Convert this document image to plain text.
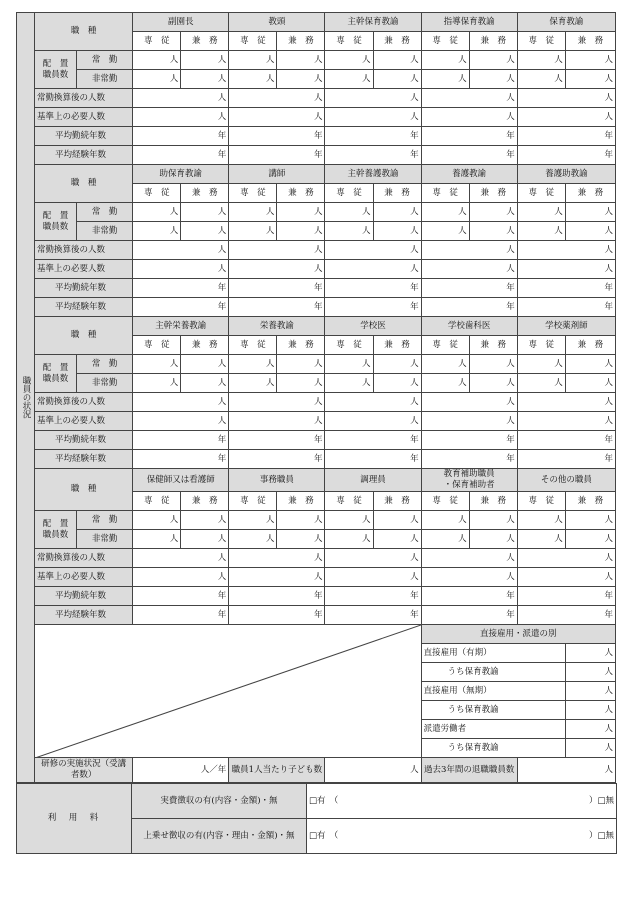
職員の状況	職　種		副園長		教頭		主幹保育教諭		指導保育教諭		保育教諭	
			専　従	兼　務	専　従	兼　務	専　従	兼　務	専　従	兼　務	専　従	兼　務

	配　置
職員数	常　勤	人	人	人	人	人	人	人	人	人	人
		非常勤	人	人	人	人	人	人	人	人	人	人
	常勤換算後の人数		人		人		人		人		人	
	基準上の必要人数		人		人		人		人		人	
	平均勤続年数		年		年		年		年		年	
	平均経験年数		年		年		年		年		年	
	職　種		助保育教諭		講師		主幹養護教諭		養護教諭		養護助教諭	
			専　従	兼　務	専　従	兼　務	専　従	兼　務	専　従	兼　務	専　従	兼　務

	配　置
職員数	常　勤	人	人	人	人	人	人	人	人	人	人
		非常勤	人	人	人	人	人	人	人	人	人	人
	常勤換算後の人数		人		人		人		人		人	
	基準上の必要人数		人		人		人		人		人	
	平均勤続年数		年		年		年		年		年	
	平均経験年数		年		年		年		年		年	
	職　種		主幹栄養教諭		栄養教諭		学校医		学校歯科医		学校薬剤師	
			専　従	兼　務	専　従	兼　務	専　従	兼　務	専　従	兼　務	専　従	兼　務

	配　置
職員数	常　勤	人	人	人	人	人	人	人	人	人	人
		非常勤	人	人	人	人	人	人	人	人	人	人
	常勤換算後の人数		人		人		人		人		人	
	基準上の必要人数		人		人		人		人		人	
	平均勤続年数		年		年		年		年		年	
	平均経験年数		年		年		年		年		年	
	職　種		保健師又は看護師		事務職員		調理員		教育補助職員
・保育補助者		その他の職員	
			専　従	兼　務	専　従	兼　務	専　従	兼　務	専　従	兼　務	専　従	兼　務

	配　置
職員数	常　勤	人	人	人	人	人	人	人	人	人	人
		非常勤	人	人	人	人	人	人	人	人	人	人
	常勤換算後の人数		人		人		人		人		人	
	基準上の必要人数		人		人		人		人		人	
	平均勤続年数		年		年		年		年		年	
	平均経験年数		年		年		年		年		年	

	直接雇用・派遣の別			
									直接雇用（有期）			人
									うち保育教諭			人
									直接雇用（無期）			人
									うち保育教諭			人
									派遣労働者			人
									うち保育教諭			人
	研修の実施状況（受講者数）		人／年		職員1人当たり子ども数		人		過去3年間の退職職員数		人	
利　用　料	実費徴収の有(内容・金額)・無	□有　（ ）□無

	上乗せ徴収の有(内容・理由・金額)・無	□有　（ ）□無
